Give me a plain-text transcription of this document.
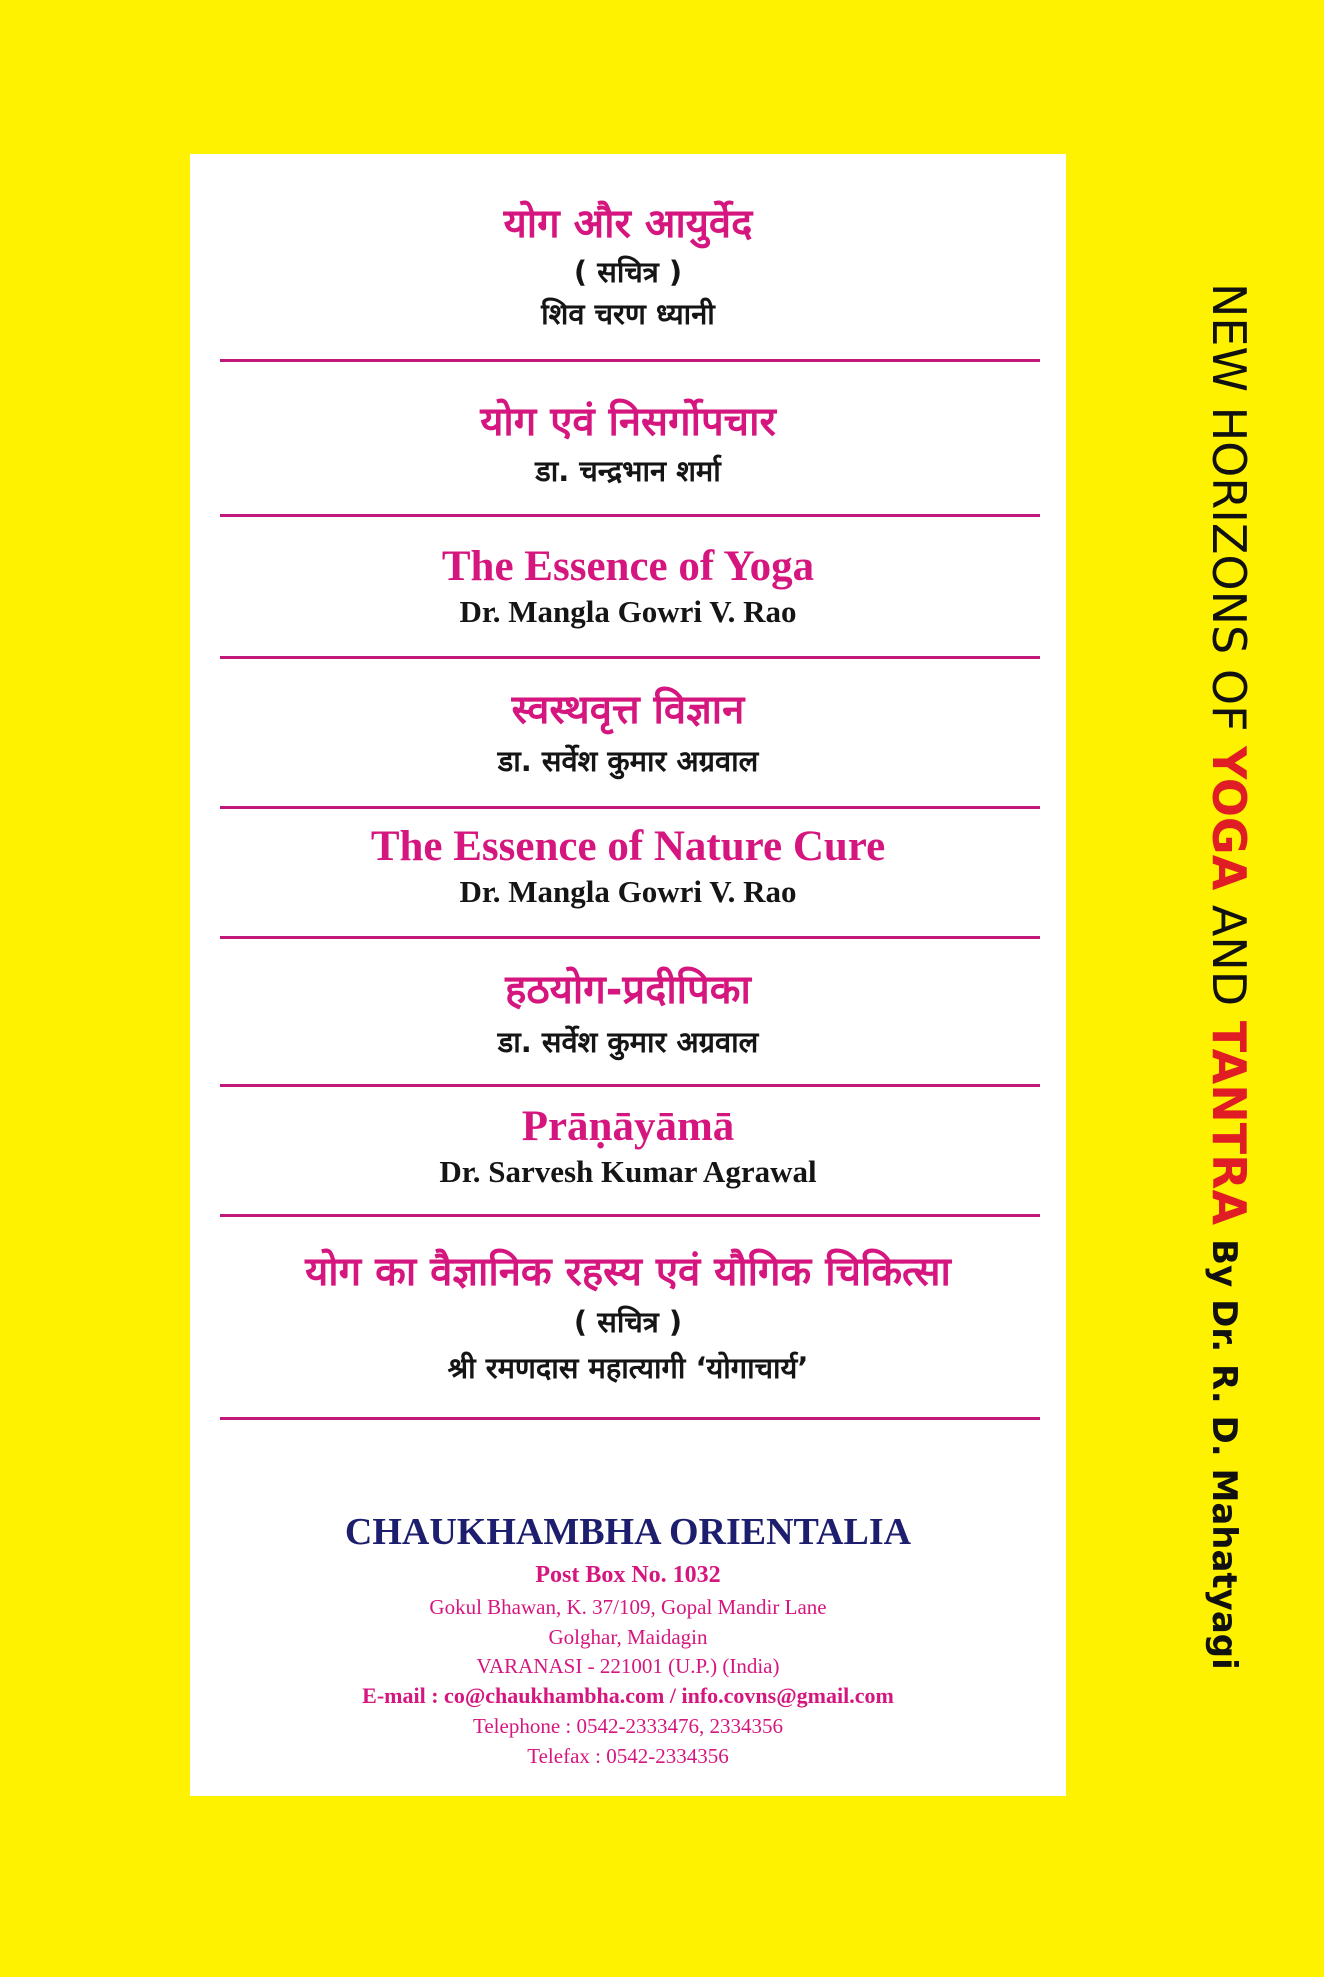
योग और आयुर्वेद
( सचित्र )
शिव चरण ध्यानी
योग एवं निसर्गोपचार
डा. चन्द्रभान शर्मा
The Essence of Yoga
Dr. Mangla Gowri V. Rao
स्वस्थवृत्त विज्ञान
डा. सर्वेश कुमार अग्रवाल
The Essence of Nature Cure
Dr. Mangla Gowri V. Rao
हठयोग-प्रदीपिका
डा. सर्वेश कुमार अग्रवाल
Prāṇāyāmā
Dr. Sarvesh Kumar Agrawal
योग का वैज्ञानिक रहस्य एवं यौगिक चिकित्सा
( सचित्र )
श्री रमणदास महात्यागी ‘योगाचार्य’
CHAUKHAMBHA ORIENTALIA
Post Box No. 1032
Gokul Bhawan, K. 37/109, Gopal Mandir Lane
Golghar, Maidagin
VARANASI - 221001 (U.P.) (India)
E-mail : co@chaukhambha.com / info.covns@gmail.com
Telephone : 0542-2333476, 2334356
Telefax : 0542-2334356
NEW HORIZONS OF YOGA AND TANTRABy Dr. R. D. Mahatyagi
